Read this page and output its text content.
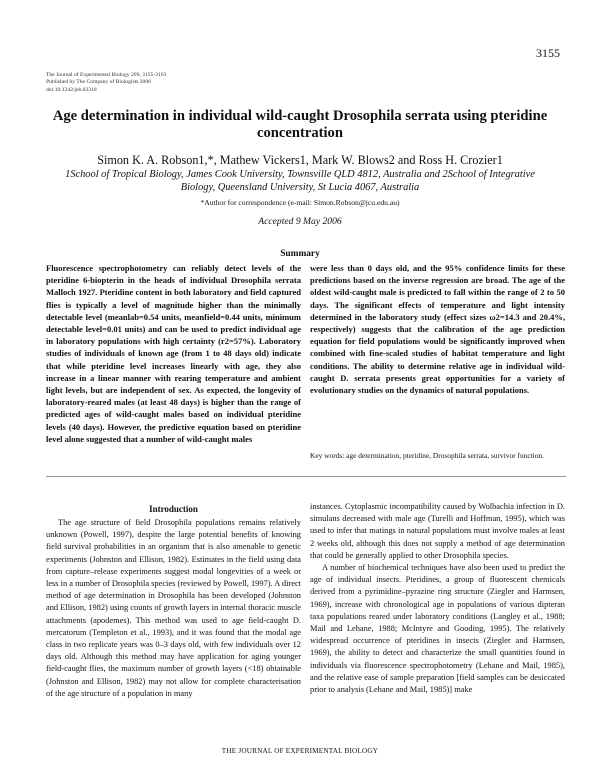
3155
The Journal of Experimental Biology 209, 3155-3163
Published by The Company of Biologists 2006
doi:10.1242/jeb.02318
Age determination in individual wild-caught Drosophila serrata using pteridine concentration
Simon K. A. Robson1,*, Mathew Vickers1, Mark W. Blows2 and Ross H. Crozier1
1School of Tropical Biology, James Cook University, Townsville QLD 4812, Australia and 2School of Integrative Biology, Queensland University, St Lucia 4067, Australia
*Author for correspondence (e-mail: Simon.Robson@jcu.edu.au)
Accepted 9 May 2006
Summary
Fluorescence spectrophotometry can reliably detect levels of the pteridine 6-biopterin in the heads of individual Drosophila serrata Malloch 1927. Pteridine content in both laboratory and field captured flies is typically a level of magnitude higher than the minimally detectable level (meanlab=0.54 units, meanfield=0.44 units, minimum detectable level=0.01 units) and can be used to predict individual age in laboratory populations with high certainty (r2=57%). Laboratory studies of individuals of known age (from 1 to 48 days old) indicate that while pteridine level increases linearly with age, they also increase in a linear manner with rearing temperature and ambient light levels, but are independent of sex. As expected, the longevity of laboratory-reared males (at least 48 days) is higher than the range of predicted ages of wild-caught males based on individual pteridine levels (40 days). However, the predictive equation based on pteridine level alone suggested that a number of wild-caught males
were less than 0 days old, and the 95% confidence limits for these predictions based on the inverse regression are broad. The age of the oldest wild-caught male is predicted to fall within the range of 2 to 50 days. The significant effects of temperature and light intensity determined in the laboratory study (effect sizes ω2=14.3 and 20.4%, respectively) suggests that the calibration of the age prediction equation for field populations would be significantly improved when combined with fine-scaled studies of habitat temperature and light conditions. The ability to determine relative age in individual wild-caught D. serrata presents great opportunities for a variety of evolutionary studies on the dynamics of natural populations.
Key words: age determination, pteridine, Drosophila serrata, survivor function.
Introduction

The age structure of field Drosophila populations remains relatively unknown (Powell, 1997), despite the large potential benefits of knowing field survival probabilities in an organism that is also amenable to genetic experiments (Johnston and Ellison, 1982). Estimates in the field using data from capture–release experiments suggest modal longevities of a week or less in a number of Drosophila species (reviewed by Powell, 1997). A direct method of age determination in Drosophila has been developed (Johnston and Ellison, 1982) using counts of growth layers in internal thoracic muscle attachments (apodemes). This method was used to age field-caught D. mercatorum (Templeton et al., 1993), and it was found that the modal age class in two replicate years was 0–3 days old, with few individuals over 12 days old. Although this method may have application for aging younger field-caught flies, the maximum number of growth layers (<18) obtainable (Johnston and Ellison, 1982) may not allow for complete characterisation of the age structure of a population in many

instances. Cytoplasmic incompatibility caused by Wolbachia infection in D. simulans decreased with male age (Turelli and Hoffman, 1995), which was used to infer that matings in natural populations must involve males at least 2 weeks old, although this does not supply a method of age determination that could be generally applied to other Drosophila species.

A number of biochemical techniques have also been used to predict the age of individual insects. Pteridines, a group of fluorescent chemicals derived from a pyrimidine–pyrazine ring structure (Ziegler and Harmsen, 1969), increase with chronological age in populations of various dipteran taxa populations reared under laboratory conditions (Langley et al., 1988; Mail and Lehane, 1988; McIntyre and Gooding, 1995). The relatively widespread occurrence of pteridines in insects (Ziegler and Harmsen, 1969), the ability to detect and characterize the small quantities found in individuals via fluorescence spectrophotometry (Lehane and Mail, 1985), and the relative ease of sample preparation [field samples can be desiccated prior to analysis (Lehane and Mail, 1985)] make

THE JOURNAL OF EXPERIMENTAL BIOLOGY
